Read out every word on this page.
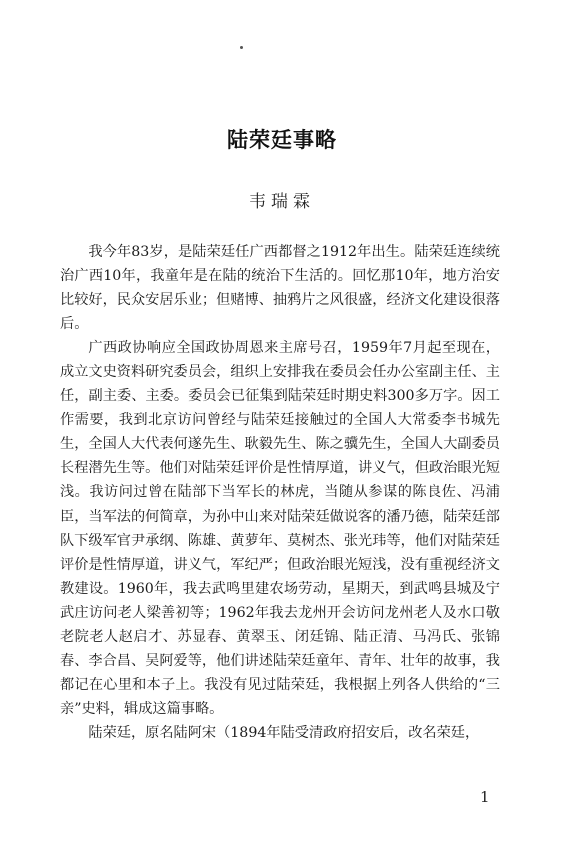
陆荣廷事略
韦瑞霖

我今年83岁，是陆荣廷任广西都督之1912年出生。陆荣廷连续统治广西10年，我童年是在陆的统治下生活的。回忆那10年，地方治安比较好，民众安居乐业；但赌博、抽鸦片之风很盛，经济文化建设很落后。

广西政协响应全国政协周恩来主席号召，1959年7月起至现在，成立文史资料研究委员会，组织上安排我在委员会任办公室副主任、主任，副主委、主委。委员会已征集到陆荣廷时期史料300多万字。因工作需要，我到北京访问曾经与陆荣廷接触过的全国人大常委李书城先生，全国人大代表何遂先生、耿毅先生、陈之骥先生，全国人大副委员长程潜先生等。他们对陆荣廷评价是性情厚道，讲义气，但政治眼光短浅。我访问过曾在陆部下当军长的林虎，当随从参谋的陈良佐、冯浦臣，当军法的何简章，为孙中山来对陆荣廷做说客的潘乃德，陆荣廷部队下级军官尹承纲、陈雄、黄萝年、莫树杰、张光玮等，他们对陆荣廷评价是性情厚道，讲义气，军纪严；但政治眼光短浅，没有重视经济文教建设。1960年，我去武鸣里建农场劳动，星期天，到武鸣县城及宁武庄访问老人梁善初等；1962年我去龙州开会访问龙州老人及水口敬老院老人赵启才、苏显春、黄翠玉、闭廷锦、陆正清、马冯氏、张锦春、李合昌、吴阿爱等，他们讲述陆荣廷童年、青年、壮年的故事，我都记在心里和本子上。我没有见过陆荣廷，我根据上列各人供给的“三亲”史料，辑成这篇事略。

陆荣廷，原名陆阿宋（1894年陆受清政府招安后，改名荣廷，

1
